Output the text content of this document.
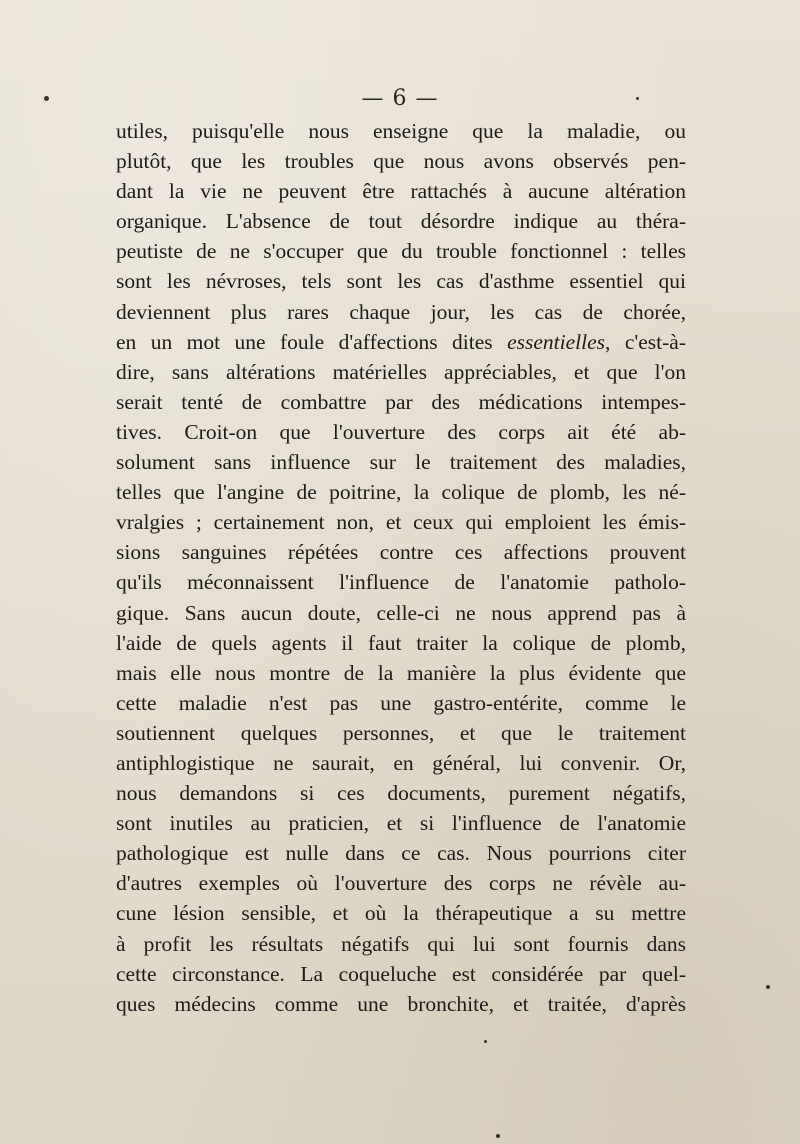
— 6 —
utiles, puisqu'elle nous enseigne que la maladie, ou
plutôt, que les troubles que nous avons observés pen-
dant la vie ne peuvent être rattachés à aucune altération
organique. L'absence de tout désordre indique au théra-
peutiste de ne s'occuper que du trouble fonctionnel : telles
sont les névroses, tels sont les cas d'asthme essentiel qui
deviennent plus rares chaque jour, les cas de chorée,
en un mot une foule d'affections dites essentielles, c'est-à-
dire, sans altérations matérielles appréciables, et que l'on
serait tenté de combattre par des médications intempes-
tives. Croit-on que l'ouverture des corps ait été ab-
solument sans influence sur le traitement des maladies,
telles que l'angine de poitrine, la colique de plomb, les né-
vralgies ; certainement non, et ceux qui emploient les émis-
sions sanguines répétées contre ces affections prouvent
qu'ils méconnaissent l'influence de l'anatomie patholo-
gique. Sans aucun doute, celle-ci ne nous apprend pas à
l'aide de quels agents il faut traiter la colique de plomb,
mais elle nous montre de la manière la plus évidente que
cette maladie n'est pas une gastro-entérite, comme le
soutiennent quelques personnes, et que le traitement
antiphlogistique ne saurait, en général, lui convenir. Or,
nous demandons si ces documents, purement négatifs,
sont inutiles au praticien, et si l'influence de l'anatomie
pathologique est nulle dans ce cas. Nous pourrions citer
d'autres exemples où l'ouverture des corps ne révèle au-
cune lésion sensible, et où la thérapeutique a su mettre
à profit les résultats négatifs qui lui sont fournis dans
cette circonstance. La coqueluche est considérée par quel-
ques médecins comme une bronchite, et traitée, d'après
